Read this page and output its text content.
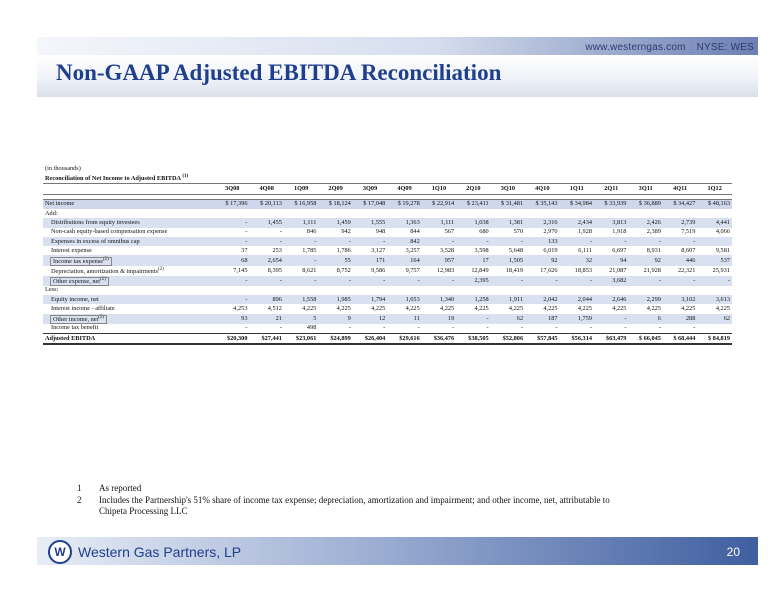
www.westerngas.com NYSE: WES
Non-GAAP Adjusted EBITDA Reconciliation
(in thousands)															
Reconciliation of Net Income to Adjusted EBITDA $^{(1)}$
	3Q08	4Q08	1Q09	2Q09	3Q09	4Q09	1Q10	2Q10	3Q10	4Q10	1Q11	2Q11	3Q11	4Q11	1Q12

Net income	$ 17,396	$ 20,113	$ 16,958	$ 18,124	$ 17,048	$ 19,278	$ 22,914	$ 23,411	$ 31,481	$ 35,143	$ 34,984	$ 33,939	$ 36,889	$ 34,427	$ 48,163
Add:															
Distributions from equity investees	-	1,455	1,111	1,459	1,555	1,363	1,111	1,038	1,381	2,316	2,434	3,813	2,426	2,739	4,441
Non-cash equity-based compensation expense	-	-	846	942	948	844	567	680	570	2,970	1,928	1,918	2,389	7,519	4,066
Expenses in excess of omnibus cap	-	-	-	-	-	842	-	-	-	133	-	-	-	-	
Interest expense	37	253	1,785	1,786	3,127	3,257	3,528	3,598	5,648	6,019	6,111	6,697	8,931	8,607	9,581
Income tax expense$^{(2)}$	68	2,654	-	55	171	164	957	17	1,505	92	32	94	92	446	537
Depreciation, amortization & impairments$^{(2)}$	7,145	8,395	8,621	8,752	9,586	9,757	12,983	12,849	18,419	17,626	18,853	21,087	21,928	22,321	25,931
Other expense, net$^{(2)}$	-	-	-	-	-	-	-	2,395	-	-	-	3,682	-	-	-
Less:															
Equity income, net	-	896	1,558	1,985	1,794	1,653	1,340	1,258	1,911	2,042	2,044	2,646	2,299	3,102	3,613
Interest income - affiliate	4,253	4,512	4,225	4,225	4,225	4,225	4,225	4,225	4,225	4,225	4,225	4,225	4,225	4,225	4,225
Other income, net$^{(2)}$	93	21	5	9	12	11	19	-	62	187	1,759	-	6	288	62
Income tax benefit	-	-	498	-	-	-	-	-	-	-	-	-	-	-	
Adjusted EBITDA	$20,300	$27,441	$23,061	$24,899	$26,404	$29,616	$36,476	$38,505	$52,806	$57,845	$56,314	$63,479	$ 66,045	$ 68,444	$ 84,819
1	As reported
2	Includes the Partnership's 51% share of income tax expense; depreciation, amortization and impairment; and other income, net, attributable to Chipeta Processing LLC
W Western Gas Partners, LP	20
